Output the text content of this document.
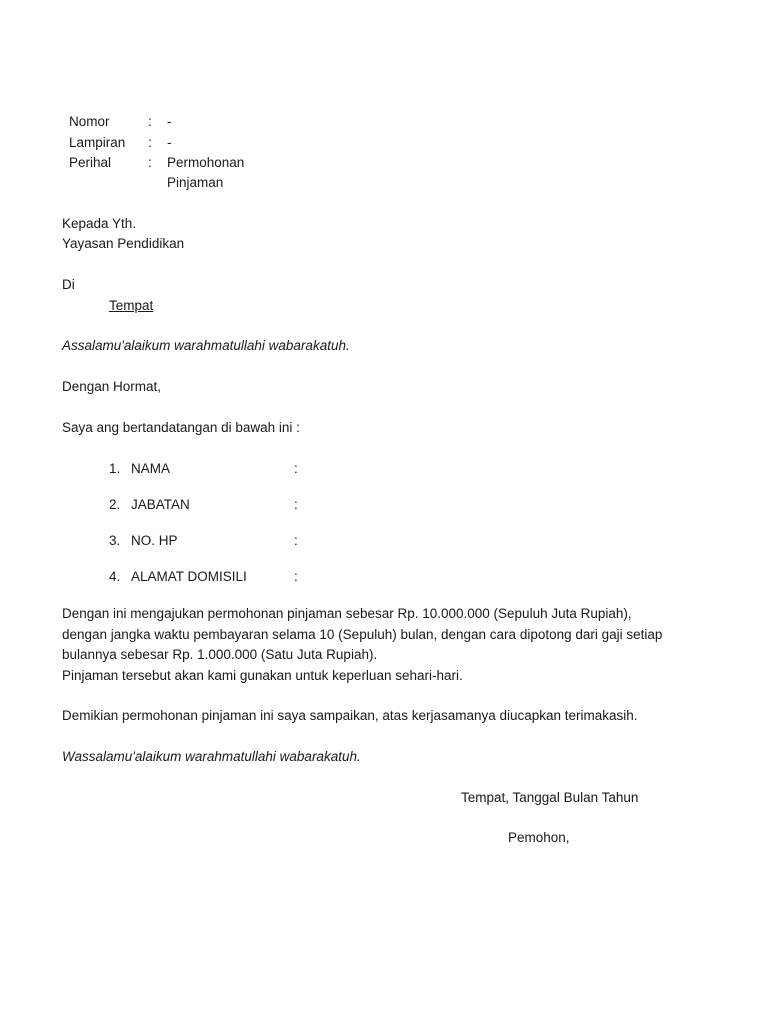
Nomor	: -
Lampiran : -
Perihal	: Permohonan
Pinjaman
Kepada Yth.
Yayasan Pendidikan
Di
Tempat
Assalamu'alaikum warahmatullahi wabarakatuh.
Dengan Hormat,
Saya ang bertandatangan di bawah ini :
1. NAMA	:
2. JABATAN	:
3. NO. HP	:
4. ALAMAT DOMISILI	:
Dengan ini mengajukan permohonan pinjaman sebesar Rp. 10.000.000 (Sepuluh Juta Rupiah),
dengan jangka waktu pembayaran selama 10 (Sepuluh) bulan, dengan cara dipotong dari gaji setiap
bulannya sebesar Rp. 1.000.000 (Satu Juta Rupiah).
Pinjaman tersebut akan kami gunakan untuk keperluan sehari-hari.
Demikian permohonan pinjaman ini saya sampaikan, atas kerjasamanya diucapkan terimakasih.
Wassalamu'alaikum warahmatullahi wabarakatuh.
Tempat, Tanggal Bulan Tahun
Pemohon,
